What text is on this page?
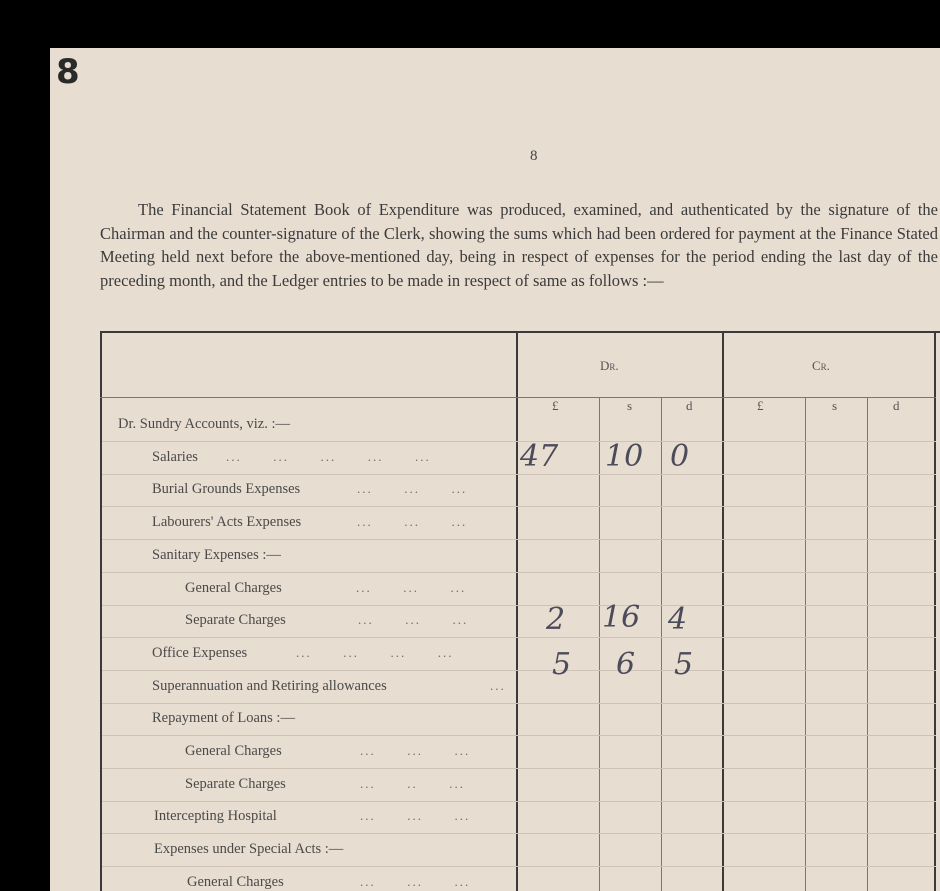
8
8
The Financial Statement Book of Expenditure was produced, examined, and authenticated by the signature of the Chairman and the counter-signature of the Clerk, showing the sums which had been ordered for payment at the Finance Stated Meeting held next before the above-mentioned day, being in respect of expenses for the period ending the last day of the preceding month, and the Ledger entries to be made in respect of same as follows :—
Dr.	Cr.
£	s	d	£	s	d
Dr. Sundry Accounts, viz. :—
Salaries ...      ...      ...      ...      ...	47 10 0
Burial Grounds Expenses	...      ...      ...
Labourers' Acts Expenses	...      ...      ...
Sanitary Expenses :—
General Charges	...      ...      ...
Separate Charges	...      ...      ...	2 16 4
Office Expenses	...      ...      ...      ...	5 6 5
Superannuation and Retiring allowances	...
Repayment of Loans :—
General Charges	...      ...      ...
Separate Charges	...      ..      ...
Intercepting Hospital	...      ...      ...
Expenses under Special Acts :—
General Charges	...      ...      ...
